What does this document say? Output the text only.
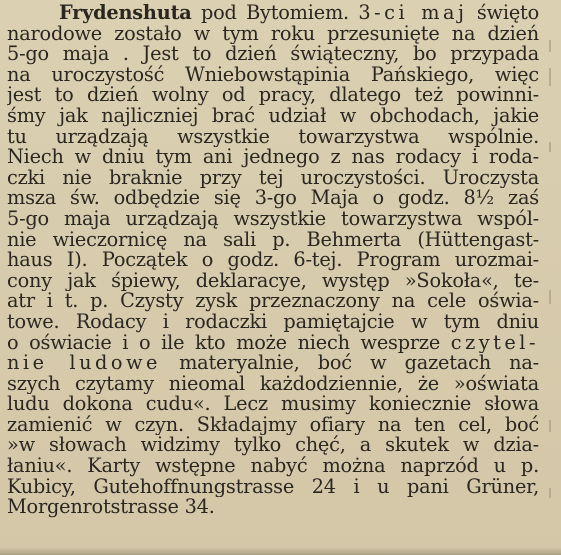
Frydenshuta pod Bytomiem. 3-ci maj święto
narodowe zostało w tym roku przesunięte na dzień
5-go maja . Jest to dzień świąteczny, bo przypada
na uroczystość Wniebowstąpinia Pańskiego, więc
jest to dzień wolny od pracy, dlatego też powinni-
śmy jak najliczniej brać udział w obchodach, jakie
tu urządzają wszystkie towarzystwa wspólnie.
Niech w dniu tym ani jednego z nas rodacy i roda-
czki nie braknie przy tej uroczystości. Uroczysta
msza św. odbędzie się 3-go Maja o godz. 8½ zaś
5-go maja urządzają wszystkie towarzystwa wspól-
nie wieczornicę na sali p. Behmerta (Hüttengast-
haus I). Początek o godz. 6-tej. Program urozmai-
cony jak śpiewy, deklaracye, występ »Sokoła«, te-
atr i t. p. Czysty zysk przeznaczony na cele oświa-
towe. Rodacy i rodaczki pamiętajcie w tym dniu
o oświacie i o ile kto może niech wesprze czytel-
nie ludowe materyalnie, boć w gazetach na-
szych czytamy nieomal każdodziennie, że »oświata
ludu dokona cudu«. Lecz musimy koniecznie słowa
zamienić w czyn. Składajmy ofiary na ten cel, boć
»w słowach widzimy tylko chęć, a skutek w dzia-
łaniu«. Karty wstępne nabyć można naprzód u p.
Kubicy, Gutehoffnungstrasse 24 i u pani Grüner,
Morgenrotstrasse 34.
